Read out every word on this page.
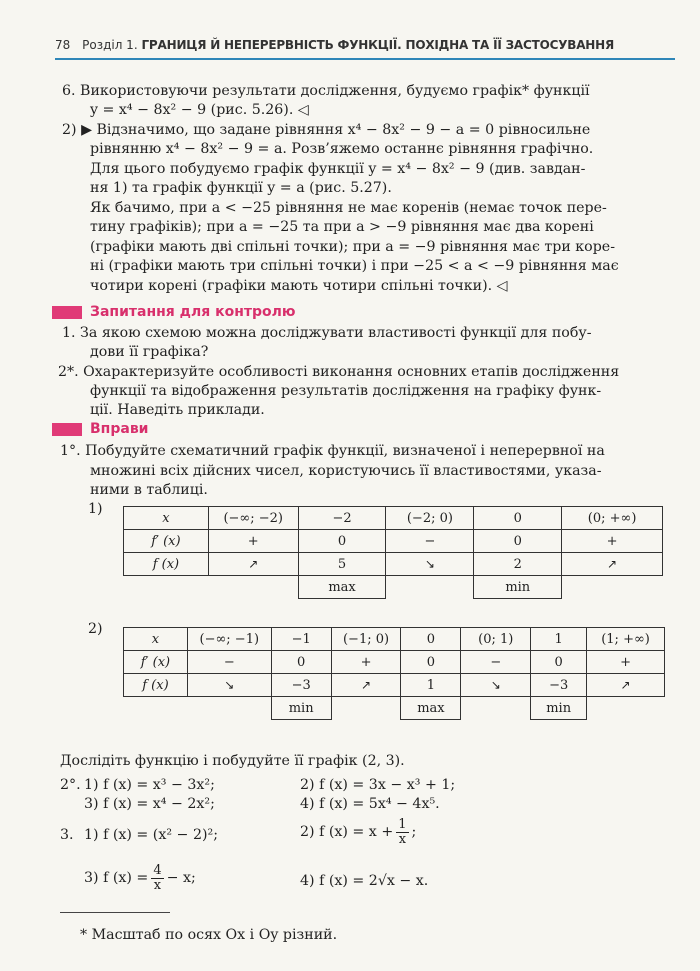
78 Розділ 1. ГРАНИЦЯ Й НЕПЕРЕРВНІСТЬ ФУНКЦІЇ. ПОХІДНА ТА ЇЇ ЗАСТОСУВАННЯ
6. Використовуючи результати дослідження, будуємо графік* функції
y = x⁴ − 8x² − 9 (рис. 5.26). ◁
2) ▶ Відзначимо, що задане рівняння x⁴ − 8x² − 9 − a = 0 рівносильне
рівнянню x⁴ − 8x² − 9 = a. Розв’яжемо останнє рівняння графічно.
Для цього побудуємо графік функції y = x⁴ − 8x² − 9 (див. завдан-
ня 1) та графік функції y = a (рис. 5.27).
Як бачимо, при a < −25 рівняння не має коренів (немає точок пере-
тину графіків); при a = −25 та при a > −9 рівняння має два корені
(графіки мають дві спільні точки); при a = −9 рівняння має три коре-
ні (графіки мають три спільні точки) і при −25 < a < −9 рівняння має
чотири корені (графіки мають чотири спільні точки). ◁
Запитання для контролю
1. За якою схемою можна досліджувати властивості функції для побу-
дови її графіка?
2*. Охарактеризуйте особливості виконання основних етапів дослідження
функції та відображення результатів дослідження на графіку функ-
ції. Наведіть приклади.
Вправи
1°. Побудуйте схематичний графік функції, визначеної і неперервної на
множині всіх дійсних чисел, користуючись її властивостями, указа-
ними в таблиці.
1)
x	(−∞; −2)	−2	(−2; 0)	0	(0; +∞)
f′ (x)	+	0	−	0	+
f (x)	↗	5	↘	2	↗
		max		min	
2)
x	(−∞; −1)	−1	(−1; 0)	0	(0; 1)	1	(1; +∞)
f′ (x)	−	0	+	0	−	0	+
f (x)	↘	−3	↗	1	↘	−3	↗
		min		max		min	
Дослідіть функцію і побудуйте її графік (2, 3).
2°. 1) f (x) = x³ − 3x²;	2) f (x) = 3x − x³ + 1;
3) f (x) = x⁴ − 2x²;	4) f (x) = 5x⁴ − 4x⁵.
3. 1) f (x) = (x² − 2)²;	2) f $(x) = x + \frac{1}{x}$ ;
3) f $(x) = \frac{4}{x} - x$;	4) f (x) = 2√x − x.
* Масштаб по осях Ox і Oy різний.
